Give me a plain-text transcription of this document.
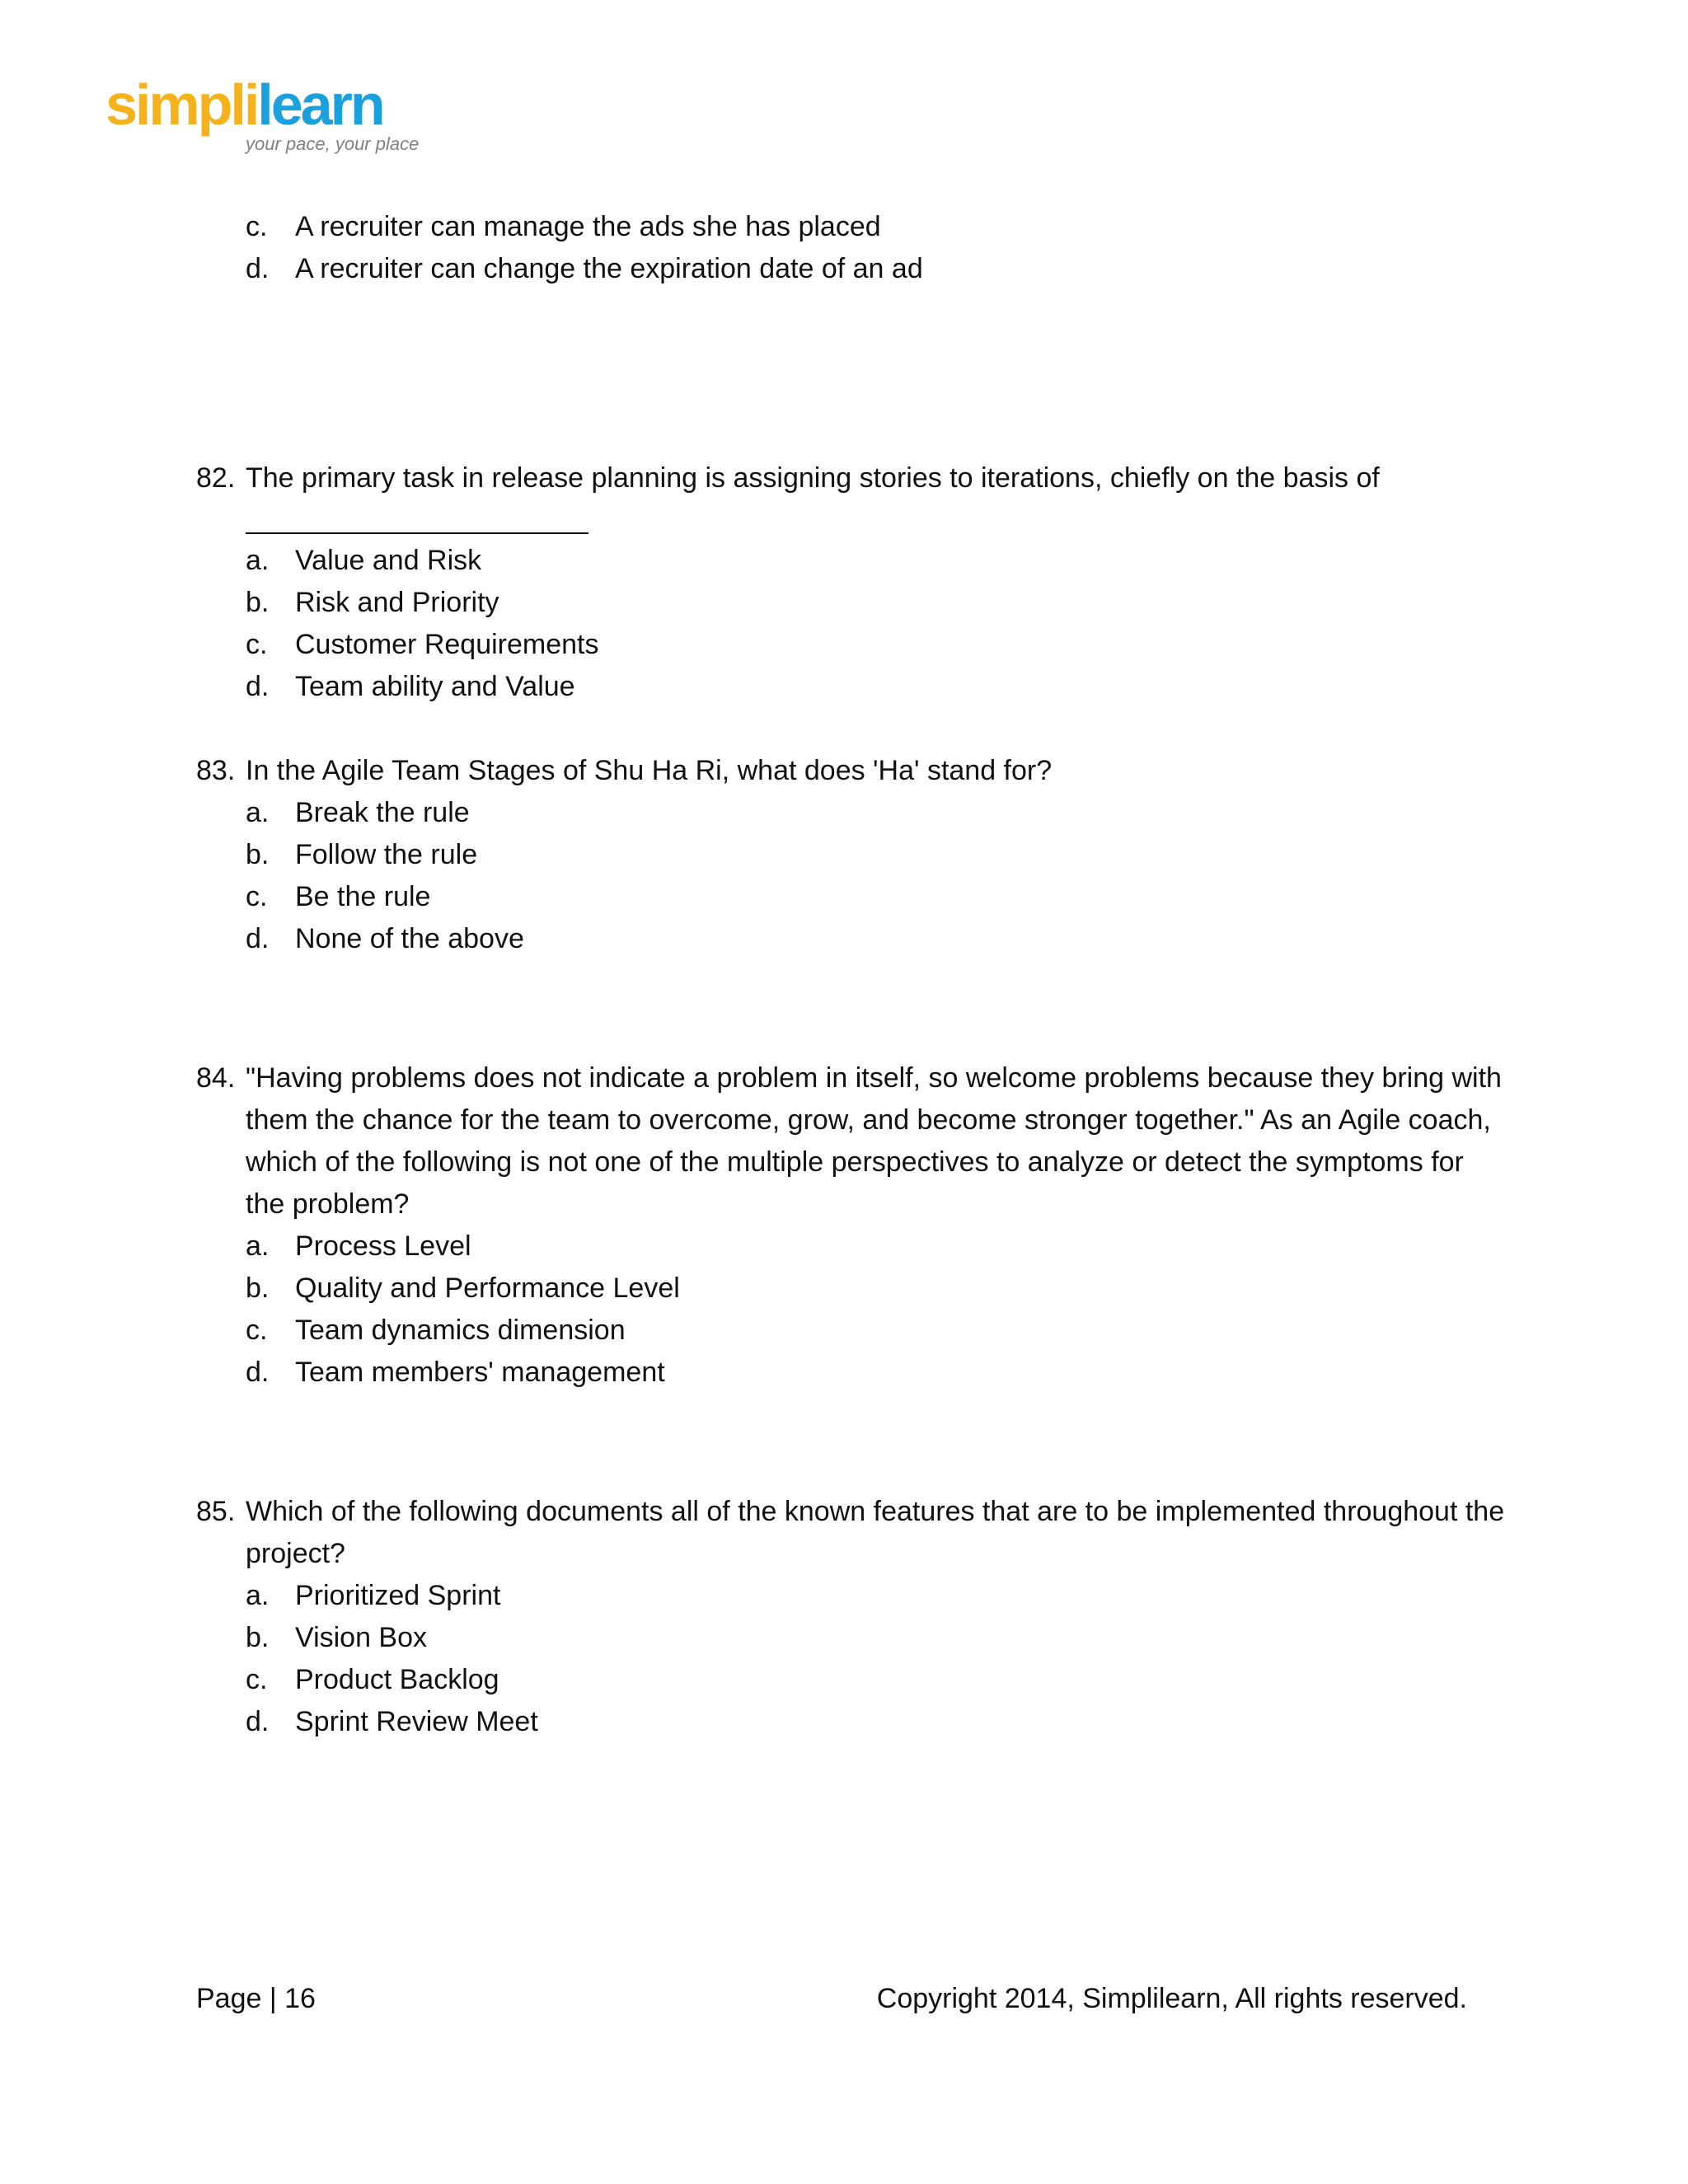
simplilearn
your pace, your place
c. A recruiter can manage the ads she has placed
d. A recruiter can change the expiration date of an ad
82. The primary task in release planning is assigning stories to iterations, chiefly on the basis of
a. Value and Risk
b. Risk and Priority
c. Customer Requirements
d. Team ability and Value
83. In the Agile Team Stages of Shu Ha Ri, what does 'Ha' stand for?
a. Break the rule
b. Follow the rule
c. Be the rule
d. None of the above
84. "Having problems does not indicate a problem in itself, so welcome problems because they bring with them the chance for the team to overcome, grow, and become stronger together." As an Agile coach, which of the following is not one of the multiple perspectives to analyze or detect the symptoms for the problem?
a. Process Level
b. Quality and Performance Level
c. Team dynamics dimension
d. Team members' management
85. Which of the following documents all of the known features that are to be implemented throughout the project?
a. Prioritized Sprint
b. Vision Box
c. Product Backlog
d. Sprint Review Meet
Page | 16	Copyright 2014, Simplilearn, All rights reserved.
